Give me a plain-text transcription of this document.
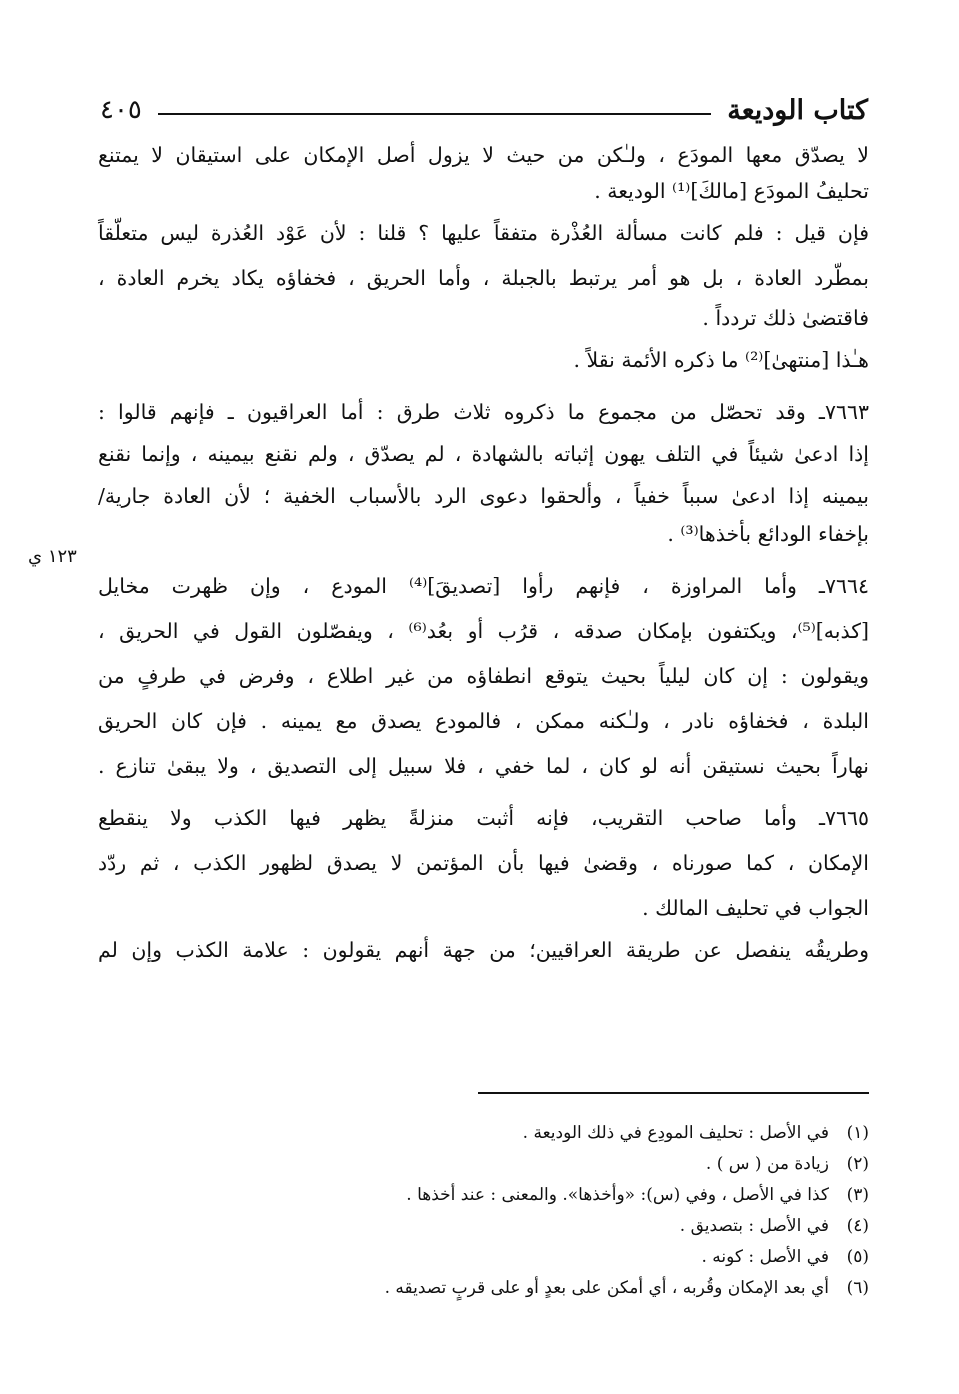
كتاب الوديعة
٤٠٥
١٢٣ ي
لا يصدّق معها المودَع ، ولـٰكن من حيث لا يزول أصل الإمكان على استيقان لا يمتنع
تحليفُ المودَع [مالكَ]⁽¹⁾ الوديعة .
فإن قيل : فلم كانت مسألة العُذْرة متفقاً عليها ؟ قلنا : لأن عَوْد العُذرة ليس متعلّقاً
بمطّرد العادة ، بل هو أمر يرتبط بالجبلة ، وأما الحريق ، فخفاؤه يكاد يخرم العادة ،
فاقتضىٰ ذلك تردداً .
هـٰذا [منتهىٰ]⁽²⁾ ما ذكره الأئمة نقلاً .
٧٦٦٣ـ وقد تحصّل من مجموع ما ذكروه ثلاث طرق : أما العراقيون ـ فإنهم قالوا :
إذا ادعىٰ شيئاً في التلف يهون إثباته بالشهادة ، لم يصدّق ، ولم نقنع بيمينه ، وإنما نقنع
بيمينه إذا ادعىٰ سبباً خفياً ، وألحقوا دعوى الرد بالأسباب الخفية ؛ لأن العادة جارية/
بإخفاء الودائع بأخذها⁽³⁾ .
٧٦٦٤ـ وأما المراوزة ، فإنهم رأوا [تصديقَ]⁽⁴⁾ المودع ، وإن ظهرت مخايل
[كذبه]⁽⁵⁾، ويكتفون بإمكان صدقه ، قرُب أو بعُد⁽⁶⁾ ، ويفصّلون القول في الحريق ،
ويقولون : إن كان ليلياً بحيث يتوقع انطفاؤه من غير اطلاع ، وفرض في طرفٍ من
البلدة ، فخفاؤه نادر ، ولـٰكنه ممكن ، فالمودع يصدق مع يمينه . فإن كان الحريق
نهاراً بحيث نستيقن أنه لو كان ، لما خفي ، فلا سبيل إلى التصديق ، ولا يبقىٰ تنازع .
٧٦٦٥ـ وأما صاحب التقريب، فإنه أثبت منزلةً يظهر فيها الكذب ولا ينقطع
الإمكان ، كما صورناه ، وقضىٰ فيها بأن المؤتمن لا يصدق لظهور الكذب ، ثم ردّد
الجواب في تحليف المالك .
وطريقُه ينفصل عن طريقة العراقيين؛ من جهة أنهم يقولون : علامة الكذب وإن لم
(١)في الأصل : تحليف المودِع في ذلك الوديعة .
(٢)زيادة من ( س ) .
(٣)كذا في الأصل ، وفي (س): «وأخذها». والمعنى : عند أخذها .
(٤)في الأصل : بتصديق .
(٥)في الأصل : كونه .
(٦)أي بعد الإمكان وقُربه ، أي أمكن على بعدٍ أو على قربٍ تصديقه .
